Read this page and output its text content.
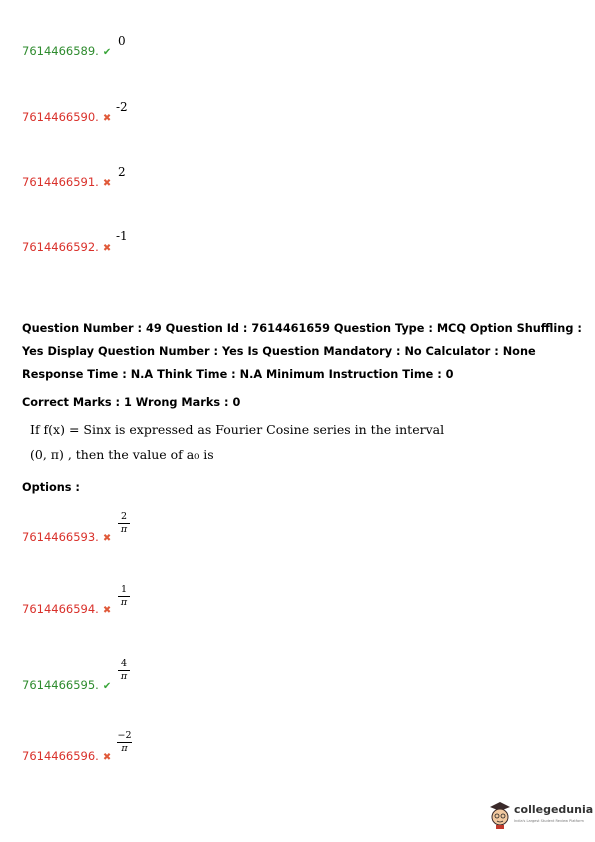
7614466589. ✔
0
7614466590. ✖
-2
7614466591. ✖
2
7614466592. ✖
-1
Question Number : 49 Question Id : 7614461659 Question Type : MCQ Option Shuffling : Yes Display Question Number : Yes Is Question Mandatory : No Calculator : None Response Time : N.A Think Time : N.A Minimum Instruction Time : 0
Correct Marks : 1 Wrong Marks : 0
If f(x) = Sinx is expressed as Fourier Cosine series in the interval
(0, π) , then the value of a₀ is
Options :
7614466593. ✖
2
π
7614466594. ✖
1
π
7614466595. ✔
4
π
7614466596. ✖
−2
π
collegedunia
India's Largest Student Review Platform
